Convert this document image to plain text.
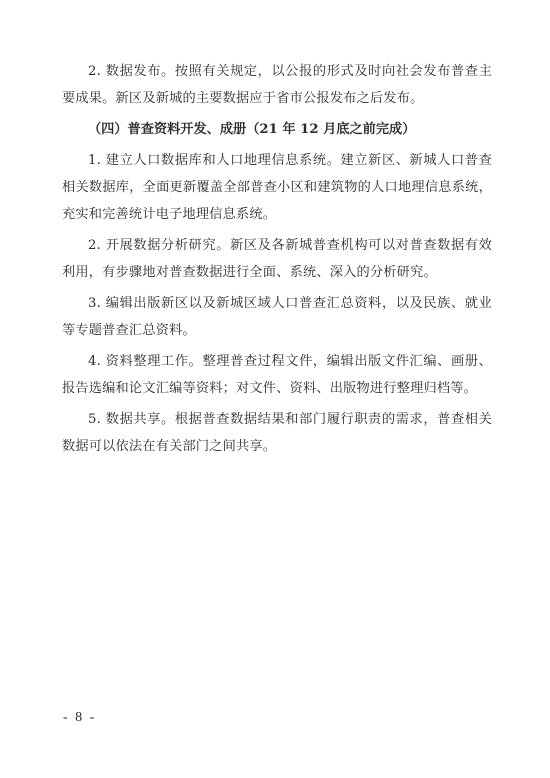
2. 数据发布。按照有关规定，以公报的形式及时向社会发布普查主要成果。新区及新城的主要数据应于省市公报发布之后发布。

（四）普查资料开发、成册（21 年 12 月底之前完成）

1. 建立人口数据库和人口地理信息系统。建立新区、新城人口普查相关数据库，全面更新覆盖全部普查小区和建筑物的人口地理信息系统，充实和完善统计电子地理信息系统。

2. 开展数据分析研究。新区及各新城普查机构可以对普查数据有效利用，有步骤地对普查数据进行全面、系统、深入的分析研究。

3. 编辑出版新区以及新城区域人口普查汇总资料，以及民族、就业等专题普查汇总资料。

4. 资料整理工作。整理普查过程文件，编辑出版文件汇编、画册、报告选编和论文汇编等资料；对文件、资料、出版物进行整理归档等。

5. 数据共享。根据普查数据结果和部门履行职责的需求，普查相关数据可以依法在有关部门之间共享。

- 8 -
